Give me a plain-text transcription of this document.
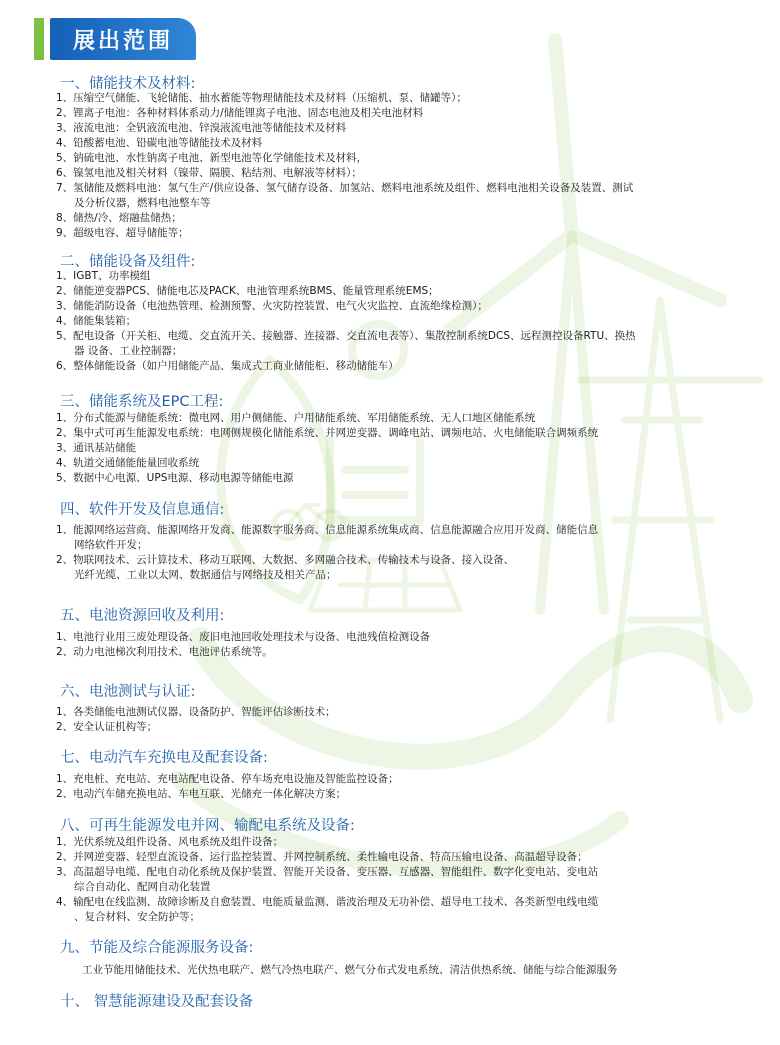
展出范围
一、储能技术及材料:
1、压缩空气储能、飞轮储能、抽水蓄能等物理储能技术及材料（压缩机、泵、储罐等）；
2、锂离子电池：各种材料体系动力/储能锂离子电池、固态电池及相关电池材料
3、液流电池：全钒液流电池、锌溴液流电池等储能技术及材料
4、铅酸蓄电池、铅碳电池等储能技术及材料
5、钠硫电池、水性钠离子电池、新型电池等化学储能技术及材料，
6、镍氢电池及相关材料（镍带、隔膜、粘结剂、电解液等材料）；
7、氢储能及燃料电池：氢气生产/供应设备、氢气储存设备、加氢站、燃料电池系统及组件、燃料电池相关设备及装置、测试
及分析仪器，燃料电池整车等
8、储热/冷、熔融盐储热；
9、超级电容、超导储能等；
二、储能设备及组件:
1、IGBT、功率模组
2、储能逆变器PCS、储能电芯及PACK、电池管理系统BMS、能量管理系统EMS；
3、储能消防设备（电池热管理、检测预警、火灾防控装置、电气火灾监控、直流绝缘检测）；
4、储能集装箱；
5、配电设备（开关柜、电缆、交直流开关、接触器、连接器、交直流电表等）、集散控制系统DCS、远程测控设备RTU、换热
器 设备、工业控制器；
6、整体储能设备（如户用储能产品、集成式工商业储能柜、移动储能车）
三、储能系统及EPC工程:
1、分布式能源与储能系统：微电网、用户侧储能、户用储能系统、军用储能系统、无人口地区储能系统
2、集中式可再生能源发电系统：电网侧规模化储能系统、并网逆变器、调峰电站、调频电站、火电储能联合调频系统
3、通讯基站储能
4、轨道交通储能能量回收系统
5、数据中心电源、UPS电源、移动电源等储能电源
四、软件开发及信息通信:
1、能源网络运营商、能源网络开发商、能源数字服务商、信息能源系统集成商、信息能源融合应用开发商、储能信息
网络软件开发；
2、物联网技术、云计算技术、移动互联网、大数据、多网融合技术、传输技术与设备、接入设备、
光纤光缆、工业以太网、数据通信与网络技及相关产品；
五、电池资源回收及利用:
1、电池行业用三废处理设备、废旧电池回收处理技术与设备、电池残值检测设备
2、动力电池梯次利用技术、电池评估系统等。
六、电池测试与认证:
1、各类储能电池测试仪器、设备防护、智能评估诊断技术；
2、安全认证机构等；
七、电动汽车充换电及配套设备:
1、充电桩、充电站、充电站配电设备、停车场充电设施及智能监控设备；
2、电动汽车储充换电站、车电互联、光储充一体化解决方案；
八、可再生能源发电并网、输配电系统及设备:
1、光伏系统及组件设备、风电系统及组件设备；
2、并网逆变器、轻型直流设备、运行监控装置、并网控制系统、柔性输电设备、特高压输电设备、高温超导设备；
3、高温超导电缆、配电自动化系统及保护装置、智能开关设备、变压器、互感器、智能组件、数字化变电站、变电站
综合自动化、配网自动化装置
4、输配电在线监测、故障诊断及自愈装置、电能质量监测、谐波治理及无功补偿、超导电工技术、各类新型电线电缆
、复合材料、安全防护等；
九、节能及综合能源服务设备:
工业节能用储能技术、光伏热电联产、燃气冷热电联产、燃气分布式发电系统、清洁供热系统、储能与综合能源服务
十、 智慧能源建设及配套设备
